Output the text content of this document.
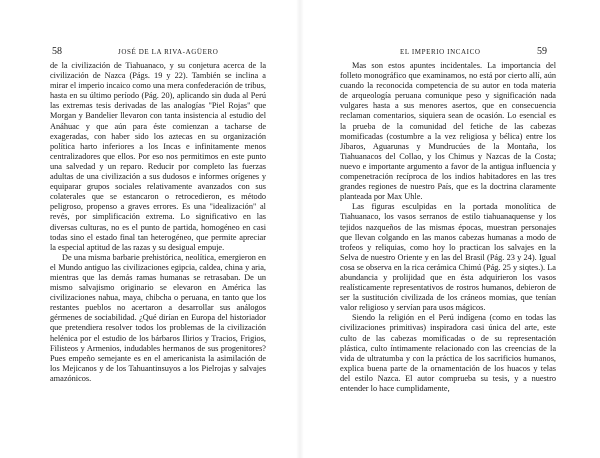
58	JOSÉ DE LA RIVA-AGÜERO

de la civilización de Tiahuanaco, y su conjetura acerca de la civilización de Nazca (Págs. 19 y 22). También se inclina a mirar el imperio incaico como una mera confederación de tribus, hasta en su último período (Pág. 20), aplicando sin duda al Perú las extremas tesis derivadas de las analogías "Piel Rojas" que Morgan y Bandelier llevaron con tanta insistencia al estudio del Anáhuac y que aún para éste comienzan a tacharse de exageradas, con haber sido los aztecas en su organización política harto inferiores a los Incas e infinitamente menos centralizadores que ellos. Por eso nos permitimos en este punto una salvedad y un reparo. Reducir por completo las fuerzas adultas de una civilización a sus dudosos e informes orígenes y equiparar grupos sociales relativamente avanzados con sus colaterales que se estancaron o retrocedieron, es método peligroso, propenso a graves errores. Es una "idealización" al revés, por simplificación extrema. Lo significativo en las diversas culturas, no es el punto de partida, homogéneo en casi todas sino el estado final tan heterogéneo, que permite apreciar la especial aptitud de las razas y su desigual empuje.

De una misma barbarie prehistórica, neolítica, emergieron en el Mundo antiguo las civilizaciones egipcia, caldea, china y aria, mientras que las demás ramas humanas se retrasaban. De un mismo salvajismo originario se elevaron en América las civilizaciones nahua, maya, chibcha o peruana, en tanto que los restantes pueblos no acertaron a desarrollar sus análogos gérmenes de sociabilidad. ¿Qué dirían en Europa del historiador que pretendiera resolver todos los problemas de la civilización helénica por el estudio de los bárbaros Ilirios y Tracios, Frigios, Filisteos y Armenios, indudables hermanos de sus progenitores? Pues empeño semejante es en el americanista la asimilación de los Mejicanos y de los Tahuantinsuyos a los Pielrojas y salvajes amazónicos.

EL IMPERIO INCAICO	59

Mas son estos apuntes incidentales. La importancia del folleto monográfico que examinamos, no está por cierto allí, aún cuando la reconocida competencia de su autor en toda materia de arqueología peruana comunique peso y significación nada vulgares hasta a sus menores asertos, que en consecuencia reclaman comentarios, siquiera sean de ocasión. Lo esencial es la prueba de la comunidad del fetiche de las cabezas momificadas (costumbre a la vez religiosa y bélica) entre los Jíbaros, Aguarunas y Mundrucúes de la Montaña, los Tiahuanacos del Collao, y los Chimus y Nazcas de la Costa; nuevo e importante argumento a favor de la antigua influencia y compenetración recíproca de los indios habitadores en las tres grandes regiones de nuestro País, que es la doctrina claramente planteada por Max Uhle.

Las figuras esculpidas en la portada monolítica de Tiahuanaco, los vasos serranos de estilo tiahuanaquense y los tejidos nazqueños de las mismas épocas, muestran personajes que llevan colgando en las manos cabezas humanas a modo de trofeos y reliquias, como hoy lo practican los salvajes en la Selva de nuestro Oriente y en las del Brasil (Pág. 23 y 24). Igual cosa se observa en la rica cerámica Chimú (Pág. 25 y siqtes.). La abundancia y prolijidad que en ésta adquirieron los vasos realísticamente representativos de rostros humanos, debieron de ser la sustitución civilizada de los cráneos momias, que tenían valor religioso y servían para usos mágicos.

Siendo la religión en el Perú indígena (como en todas las civilizaciones primitivas) inspiradora casi única del arte, este culto de las cabezas momificadas o de su representación plástica, culto íntimamente relacionado con las creencias de la vida de ultratumba y con la práctica de los sacrificios humanos, explica buena parte de la ornamentación de los huacos y telas del estilo Nazca. El autor comprueba su tesis, y a nuestro entender lo hace cumplidamente,
